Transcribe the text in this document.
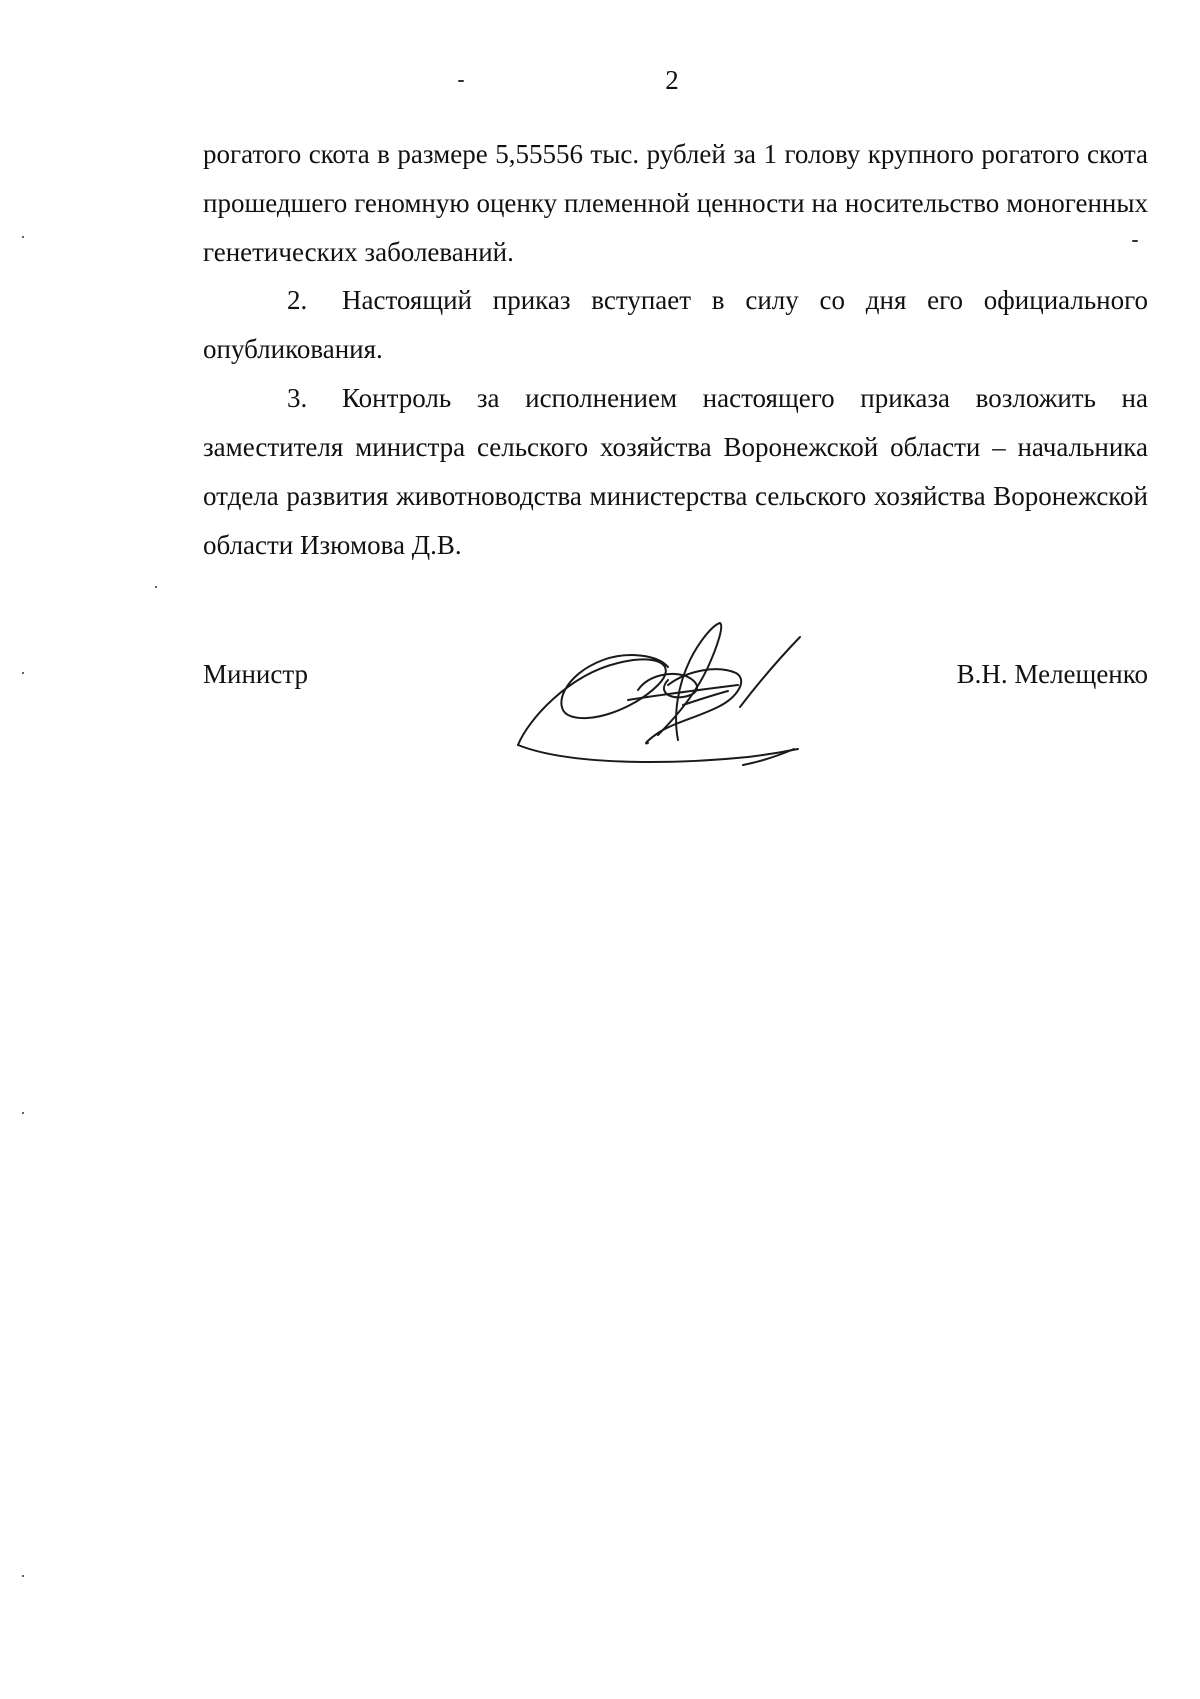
2
рогатого скота в размере 5,55556 тыс. рублей за 1 голову крупного рогатого скота прошедшего геномную оценку племенной ценности на носительство моногенных генетических заболеваний.
2. Настоящий приказ вступает в силу со дня его официального опубликования.
3. Контроль за исполнением настоящего приказа возложить на заместителя министра сельского хозяйства Воронежской области – начальника отдела развития животноводства министерства сельского хозяйства Воронежской области Изюмова Д.В.
Министр	В.Н. Мелещенко
